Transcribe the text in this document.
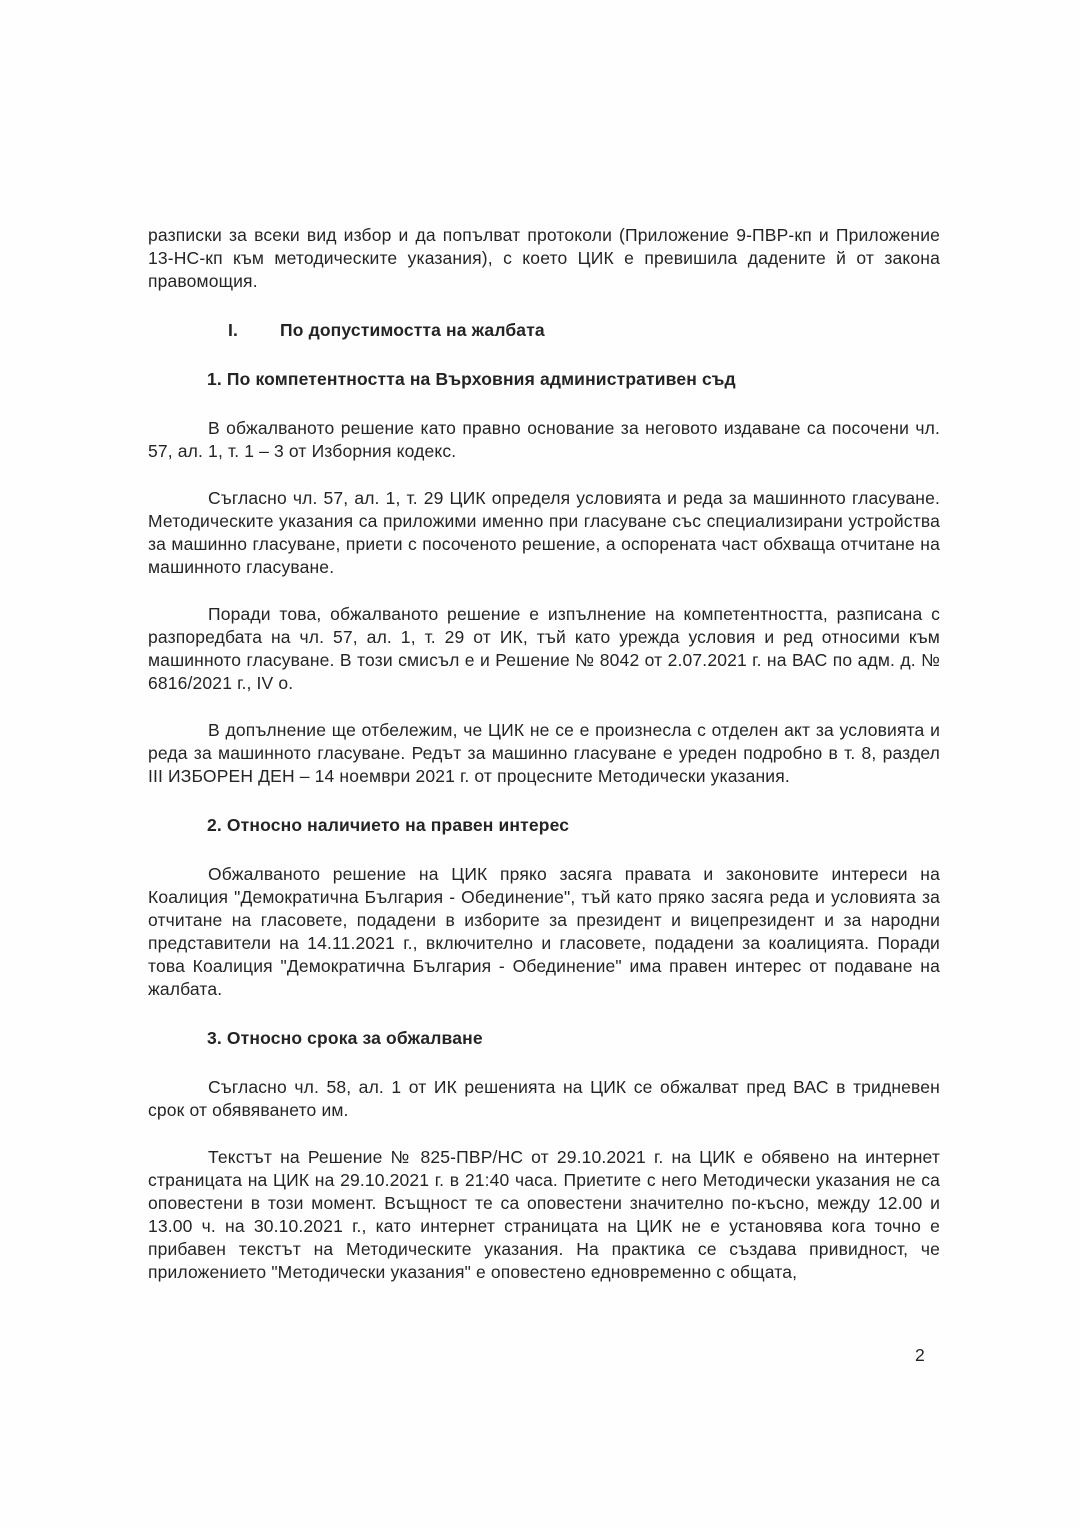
разписки за всеки вид избор и да попълват протоколи (Приложение 9-ПВР-кп и Приложение 13-НС-кп към методическите указания), с което ЦИК е превишила дадените й от закона правомощия.

I. По допустимостта на жалбата
1. По компетентността на Върховния административен съд

В обжалваното решение като правно основание за неговото издаване са посочени чл. 57, ал. 1, т. 1 – 3 от Изборния кодекс.

Съгласно чл. 57, ал. 1, т. 29 ЦИК определя условията и реда за машинното гласуване. Методическите указания са приложими именно при гласуване със специализирани устройства за машинно гласуване, приети с посоченото решение, а оспорената част обхваща отчитане на машинното гласуване.

Поради това, обжалваното решение е изпълнение на компетентността, разписана с разпоредбата на чл. 57, ал. 1, т. 29 от ИК, тъй като урежда условия и ред относими към машинното гласуване. В този смисъл е и Решение № 8042 от 2.07.2021 г. на ВАС по адм. д. № 6816/2021 г., IV о.

В допълнение ще отбележим, че ЦИК не се е произнесла с отделен акт за условията и реда за машинното гласуване. Редът за машинно гласуване е уреден подробно в т. 8, раздел III ИЗБОРЕН ДЕН – 14 ноември 2021 г. от процесните Методически указания.

2. Относно наличието на правен интерес

Обжалваното решение на ЦИК пряко засяга правата и законовите интереси на Коалиция "Демократична България - Обединение", тъй като пряко засяга реда и условията за отчитане на гласовете, подадени в изборите за президент и вицепрезидент и за народни представители на 14.11.2021 г., включително и гласовете, подадени за коалицията. Поради това Коалиция "Демократична България - Обединение" има правен интерес от подаване на жалбата.

3. Относно срока за обжалване

Съгласно чл. 58, ал. 1 от ИК решенията на ЦИК се обжалват пред ВАС в тридневен срок от обявяването им.

Текстът на Решение № 825-ПВР/НС от 29.10.2021 г. на ЦИК е обявено на интернет страницата на ЦИК на 29.10.2021 г. в 21:40 часа. Приетите с него Методически указания не са оповестени в този момент. Всъщност те са оповестени значително по-късно, между 12.00 и 13.00 ч. на 30.10.2021 г., като интернет страницата на ЦИК не е установява кога точно е прибавен текстът на Методическите указания. На практика се създава привидност, че приложението "Методически указания" е оповестено едновременно с общата,

2
